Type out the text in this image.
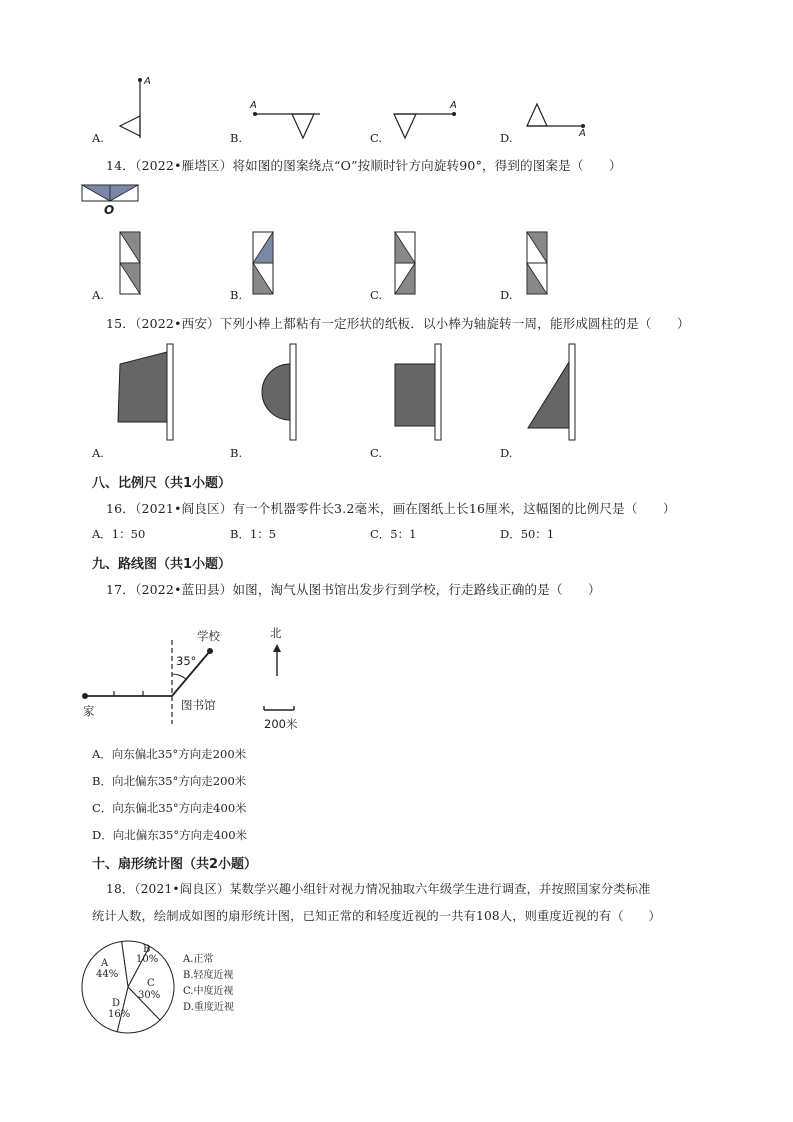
A
A.
A
B.
A
C.	A
D.
14．（2022•雁塔区）将如图的图案绕点“O”按顺时针方向旋转90°，得到的图案是（　　）
O
A.	B.	C.	D.
15．（2022•西安）下列小棒上都粘有一定形状的纸板．以小棒为轴旋转一周，能形成圆柱的是（　　）
A.	B.	C.	D.
八、比例尺（共1小题）
16．（2021•阎良区）有一个机器零件长3.2毫米，画在图纸上长16厘米，这幅图的比例尺是（　　）
A．1：50	B．1：5	C．5：1	D．50：1
九、路线图（共1小题）
17．（2022•蓝田县）如图，淘气从图书馆出发步行到学校，行走路线正确的是（　　）
学校
35°
家	图书馆
北
200米
A．向东偏北35°方向走200米
B．向北偏东35°方向走200米
C．向东偏北35°方向走400米
D．向北偏东35°方向走400米
十、扇形统计图（共2小题）
18．（2021•阎良区）某数学兴趣小组针对视力情况抽取六年级学生进行调查，并按照国家分类标准
统计人数，绘制成如图的扇形统计图，已知正常的和轻度近视的一共有108人，则重度近视的有（　　）
A
44%
B
10%
C
30%
D
16%
A.正常
B.轻度近视
C.中度近视
D.重度近视
